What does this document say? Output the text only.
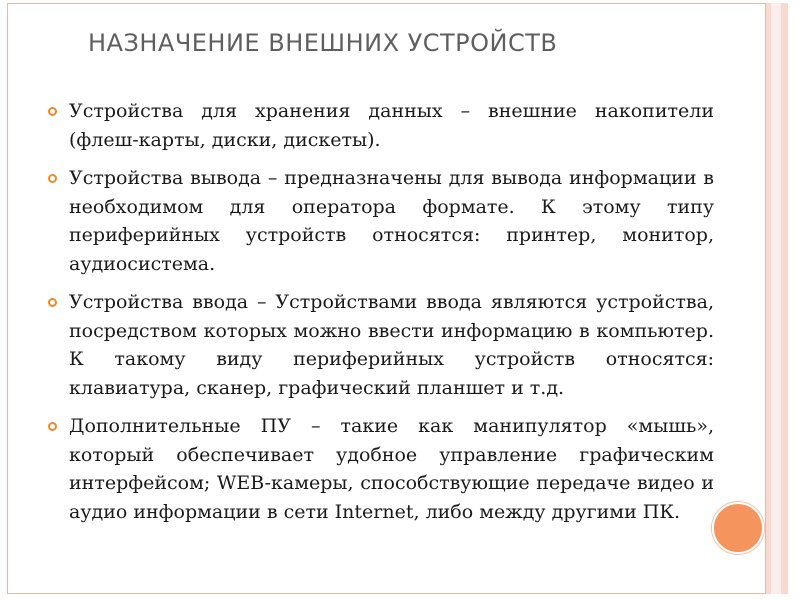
НАЗНАЧЕНИЕ ВНЕШНИХ УСТРОЙСТВ
Устройства для хранения данных – внешние накопители (флеш-карты, диски, дискеты).
Устройства вывода – предназначены для вывода информации в необходимом для оператора формате. К этому типу периферийных устройств относятся: принтер, монитор, аудиосистема.
Устройства ввода – Устройствами ввода являются устройства, посредством которых можно ввести информацию в компьютер. К такому виду периферийных устройств относятся: клавиатура, сканер, графический планшет и т.д.
Дополнительные ПУ – такие как манипулятор «мышь», который обеспечивает удобное управление графическим интерфейсом; WEB-камеры, способствующие передаче видео и аудио информации в сети Internet, либо между другими ПК.
